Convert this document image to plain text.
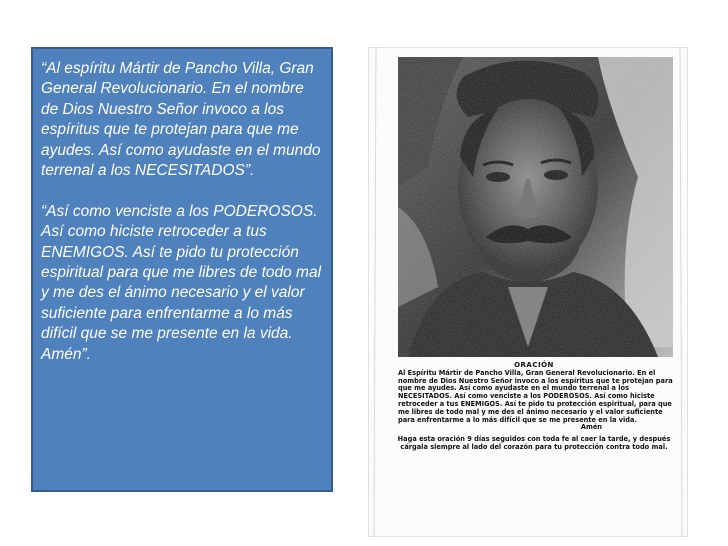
“Al espíritu Mártir de Pancho Villa, Gran General Revolucionario. En el nombre de Dios Nuestro Señor invoco a los espíritus que te protejan para que me ayudes. Así como ayudaste en el mundo terrenal a los NECESITADOS”.

“Así como venciste a los PODEROSOS. Así como hiciste retroceder a tus ENEMIGOS. Así te pido tu protección espiritual para que me libres de todo mal y me des el ánimo necesario y el valor suficiente para enfrentarme a lo más difícil que se me presente en la vida. Amén”.

ORACIÓN
Al Espíritu Mártir de Pancho Villa, Gran General Revolucionario. En el nombre de Dios Nuestro Señor invoco a los espíritus que te protejan para que me ayudes. Así como ayudaste en el mundo terrenal a los NECESITADOS. Así como venciste a los PODEROSOS. Así como hiciste retroceder a tus ENEMIGOS. Así te pido tu protección espiritual, para que me libres de todo mal y me des el ánimo necesario y el valor suficiente para enfrentarme a lo más difícil que se me presente en la vida.
Amén
Haga esta oración 9 días seguidos con toda fe al caer la tarde, y después cárgala siempre al lado del corazón para tu protección contra todo mal.
